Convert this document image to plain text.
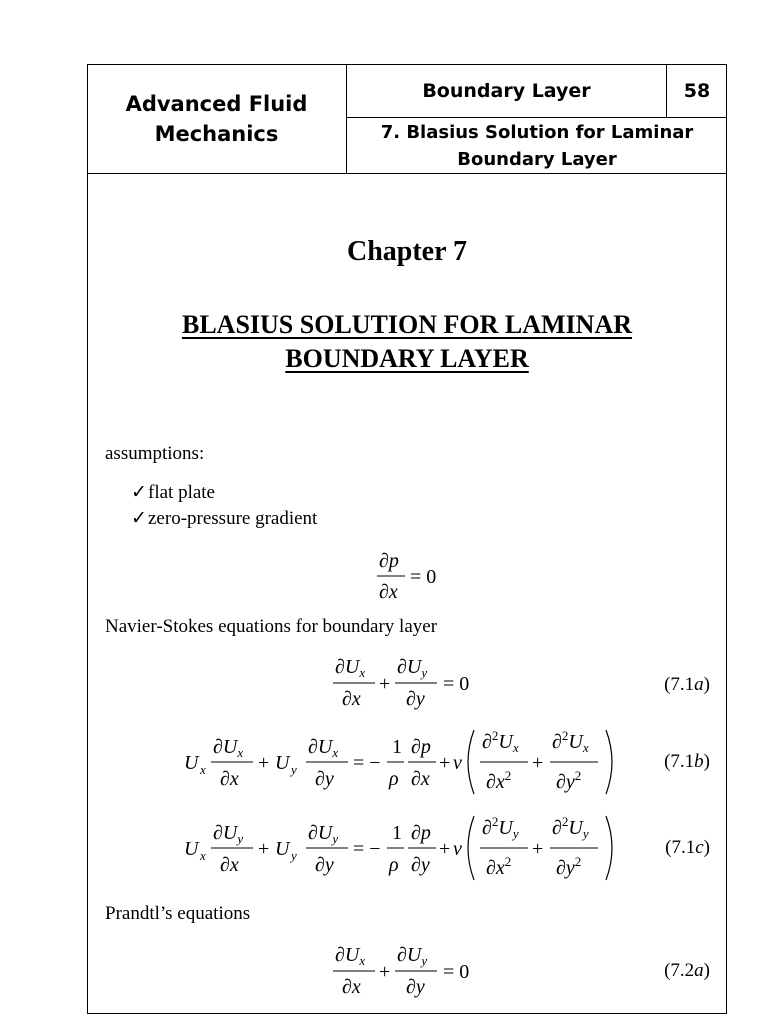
Advanced Fluid
Mechanics
Boundary Layer	58
7. Blasius Solution for Laminar
Boundary Layer
Chapter 7
BLASIUS SOLUTION FOR LAMINAR
BOUNDARY LAYER
assumptions:
✓flat plate
✓zero-pressure gradient
∂p
∂x
= 0
Navier-Stokes equations for boundary layer
$\partial U_x$
∂x
+
$\partial U_y$
∂y
= 0	(7.1a)
U x
$\partial U_x$
∂x
+ U y
$\partial U_x$
∂y
= −
1
ρ
∂p
∂x
+ ν
$\partial^2U_x$
$\partial x^2$
+
$\partial^2U_x$
$\partial y^2$
(7.1b)
U x
$\partial U_y$
∂x
+ U y
$\partial U_y$
∂y
= −
1
ρ
∂p
∂y
+ ν
$\partial^2U_y$
$\partial x^2$
+
$\partial^2U_y$
$\partial y^2$
(7.1c)
Prandtl’s equations
$\partial U_x$
∂x
+
$\partial U_y$
∂y
= 0	(7.2a)
